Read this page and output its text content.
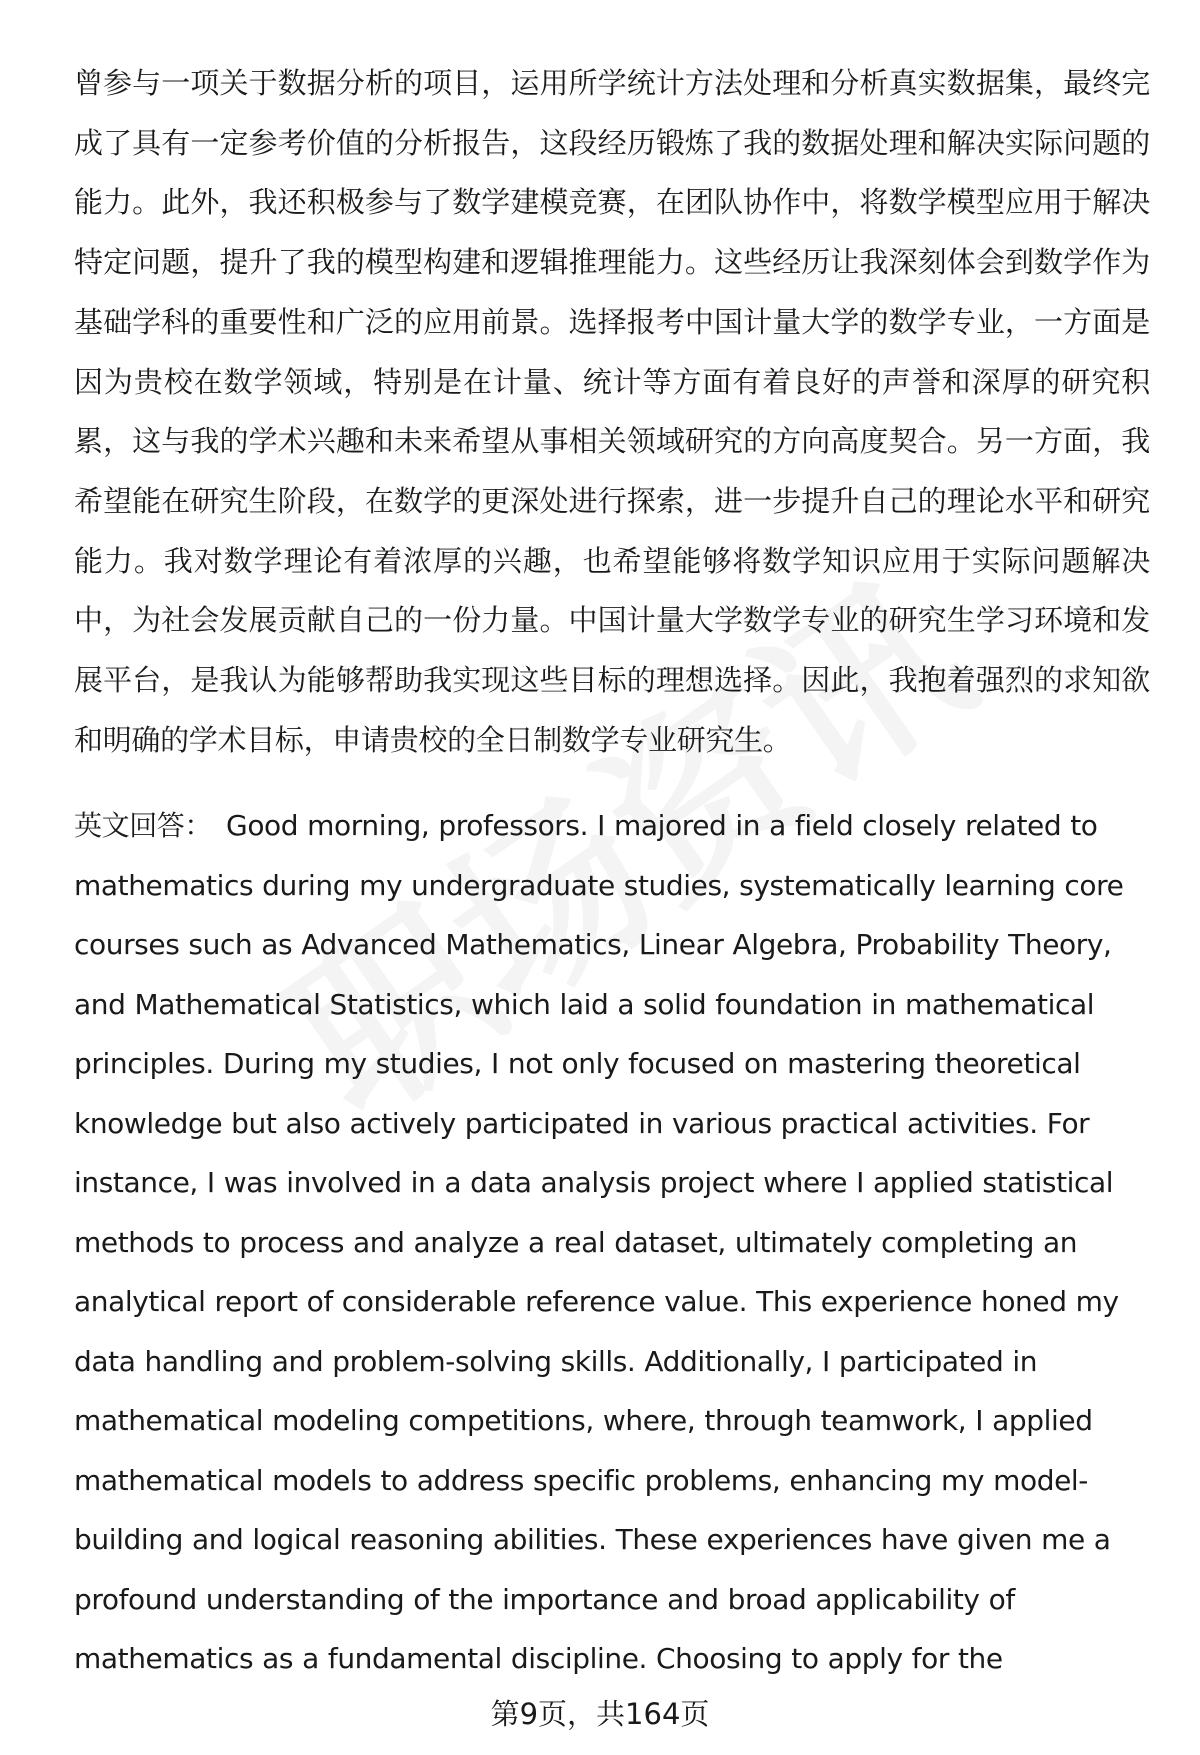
曾参与一项关于数据分析的项目，运用所学统计方法处理和分析真实数据集，最终完成了具有一定参考价值的分析报告，这段经历锻炼了我的数据处理和解决实际问题的能力。此外，我还积极参与了数学建模竞赛，在团队协作中，将数学模型应用于解决特定问题，提升了我的模型构建和逻辑推理能力。这些经历让我深刻体会到数学作为基础学科的重要性和广泛的应用前景。选择报考中国计量大学的数学专业，一方面是因为贵校在数学领域，特别是在计量、统计等方面有着良好的声誉和深厚的研究积累，这与我的学术兴趣和未来希望从事相关领域研究的方向高度契合。另一方面，我希望能在研究生阶段，在数学的更深处进行探索，进一步提升自己的理论水平和研究能力。我对数学理论有着浓厚的兴趣，也希望能够将数学知识应用于实际问题解决中，为社会发展贡献自己的一份力量。中国计量大学数学专业的研究生学习环境和发展平台，是我认为能够帮助我实现这些目标的理想选择。因此，我抱着强烈的求知欲和明确的学术目标，申请贵校的全日制数学专业研究生。

英文回答： Good morning, professors. I majored in a field closely related to mathematics during my undergraduate studies, systematically learning core courses such as Advanced Mathematics, Linear Algebra, Probability Theory, and Mathematical Statistics, which laid a solid foundation in mathematical principles. During my studies, I not only focused on mastering theoretical knowledge but also actively participated in various practical activities. For instance, I was involved in a data analysis project where I applied statistical methods to process and analyze a real dataset, ultimately completing an analytical report of considerable reference value. This experience honed my data handling and problem-solving skills. Additionally, I participated in mathematical modeling competitions, where, through teamwork, I applied mathematical models to address specific problems, enhancing my model-building and logical reasoning abilities. These experiences have given me a profound understanding of the importance and broad applicability of mathematics as a fundamental discipline. Choosing to apply for the

第9页，共164页
